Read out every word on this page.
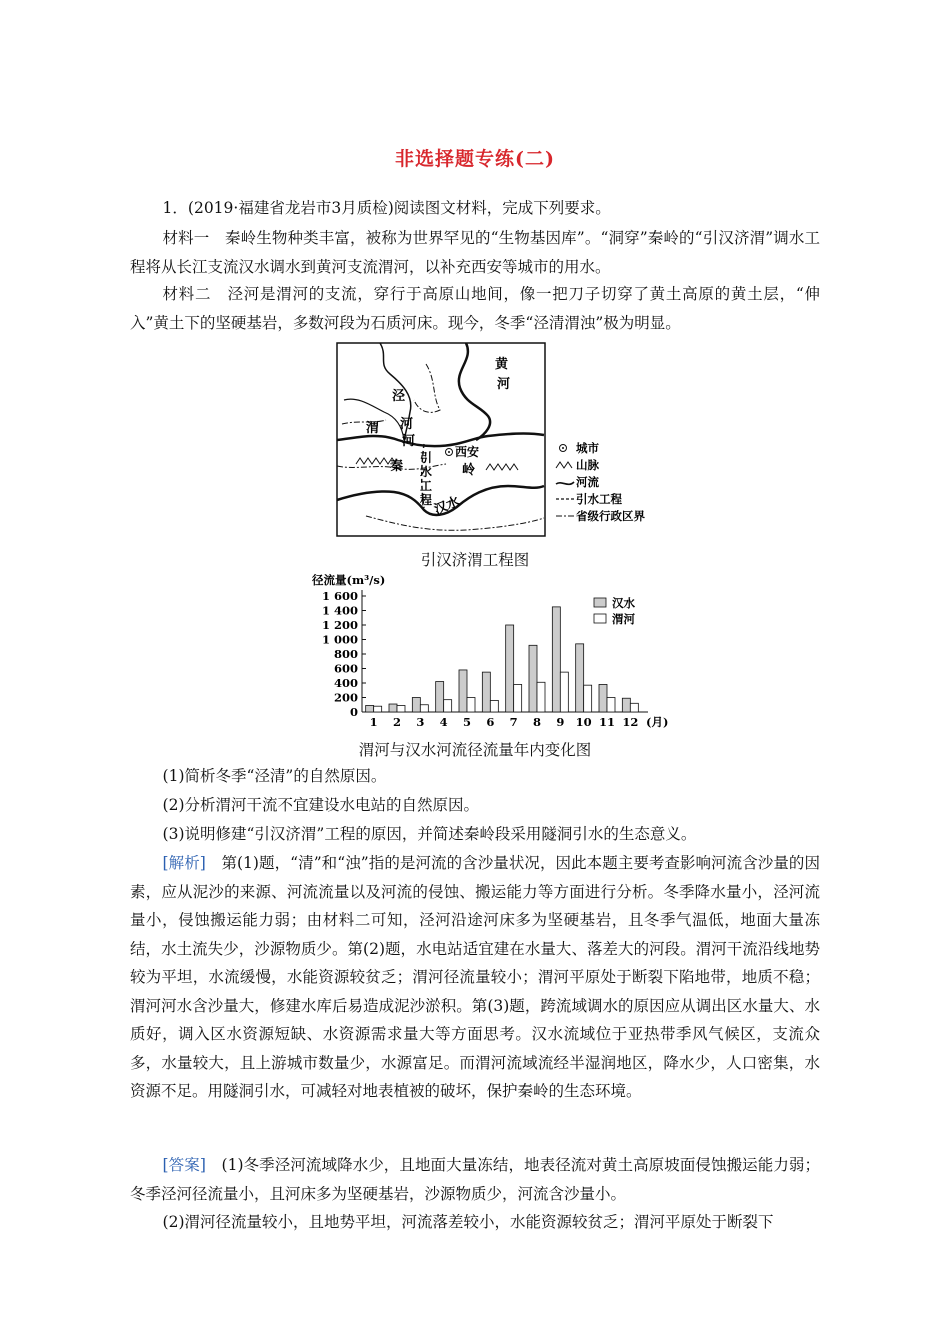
非选择题专练(二)

1．(2019·福建省龙岩市3月质检)阅读图文材料，完成下列要求。

材料一　秦岭生物种类丰富，被称为世界罕见的“生物基因库”。“洞穿”秦岭的“引汉济渭”调水工程将从长江支流汉水调水到黄河支流渭河，以补充西安等城市的用水。

材料二　泾河是渭河的支流，穿行于高原山地间，像一把刀子切穿了黄土高原的黄土层，“伸入”黄土下的坚硬基岩，多数河段为石质河床。现今，冬季“泾清渭浊”极为明显。

黄
河
泾
河
渭
河
西安
秦	岭
引
水
工
程 汉水
城市
山脉
河流
引水工程
省级行政区界
引汉济渭工程图
0
200
400
600
800
1 000
1 200
1 400
1 600
1 2 3 4 5 6 7 8 9 10 11 12 (月)
汉水
渭河
径流量(m³/s)
渭河与汉水河流径流量年内变化图

(1)简析冬季“泾清”的自然原因。

(2)分析渭河干流不宜建设水电站的自然原因。

(3)说明修建“引汉济渭”工程的原因，并简述秦岭段采用隧洞引水的生态意义。

[解析]　第(1)题，“清”和“浊”指的是河流的含沙量状况，因此本题主要考查影响河流含沙量的因素，应从泥沙的来源、河流流量以及河流的侵蚀、搬运能力等方面进行分析。冬季降水量小，泾河流量小，侵蚀搬运能力弱；由材料二可知，泾河沿途河床多为坚硬基岩，且冬季气温低，地面大量冻结，水土流失少，沙源物质少。第(2)题，水电站适宜建在水量大、落差大的河段。渭河干流沿线地势较为平坦，水流缓慢，水能资源较贫乏；渭河径流量较小；渭河平原处于断裂下陷地带，地质不稳；渭河河水含沙量大，修建水库后易造成泥沙淤积。第(3)题，跨流域调水的原因应从调出区水量大、水质好，调入区水资源短缺、水资源需求量大等方面思考。汉水流域位于亚热带季风气候区，支流众多，水量较大，且上游城市数量少，水源富足。而渭河流域流经半湿润地区，降水少，人口密集，水资源不足。用隧洞引水，可减轻对地表植被的破坏，保护秦岭的生态环境。

[答案]　(1)冬季泾河流域降水少，且地面大量冻结，地表径流对黄土高原坡面侵蚀搬运能力弱；冬季泾河径流量小，且河床多为坚硬基岩，沙源物质少，河流含沙量小。

(2)渭河径流量较小，且地势平坦，河流落差较小，水能资源较贫乏；渭河平原处于断裂下
